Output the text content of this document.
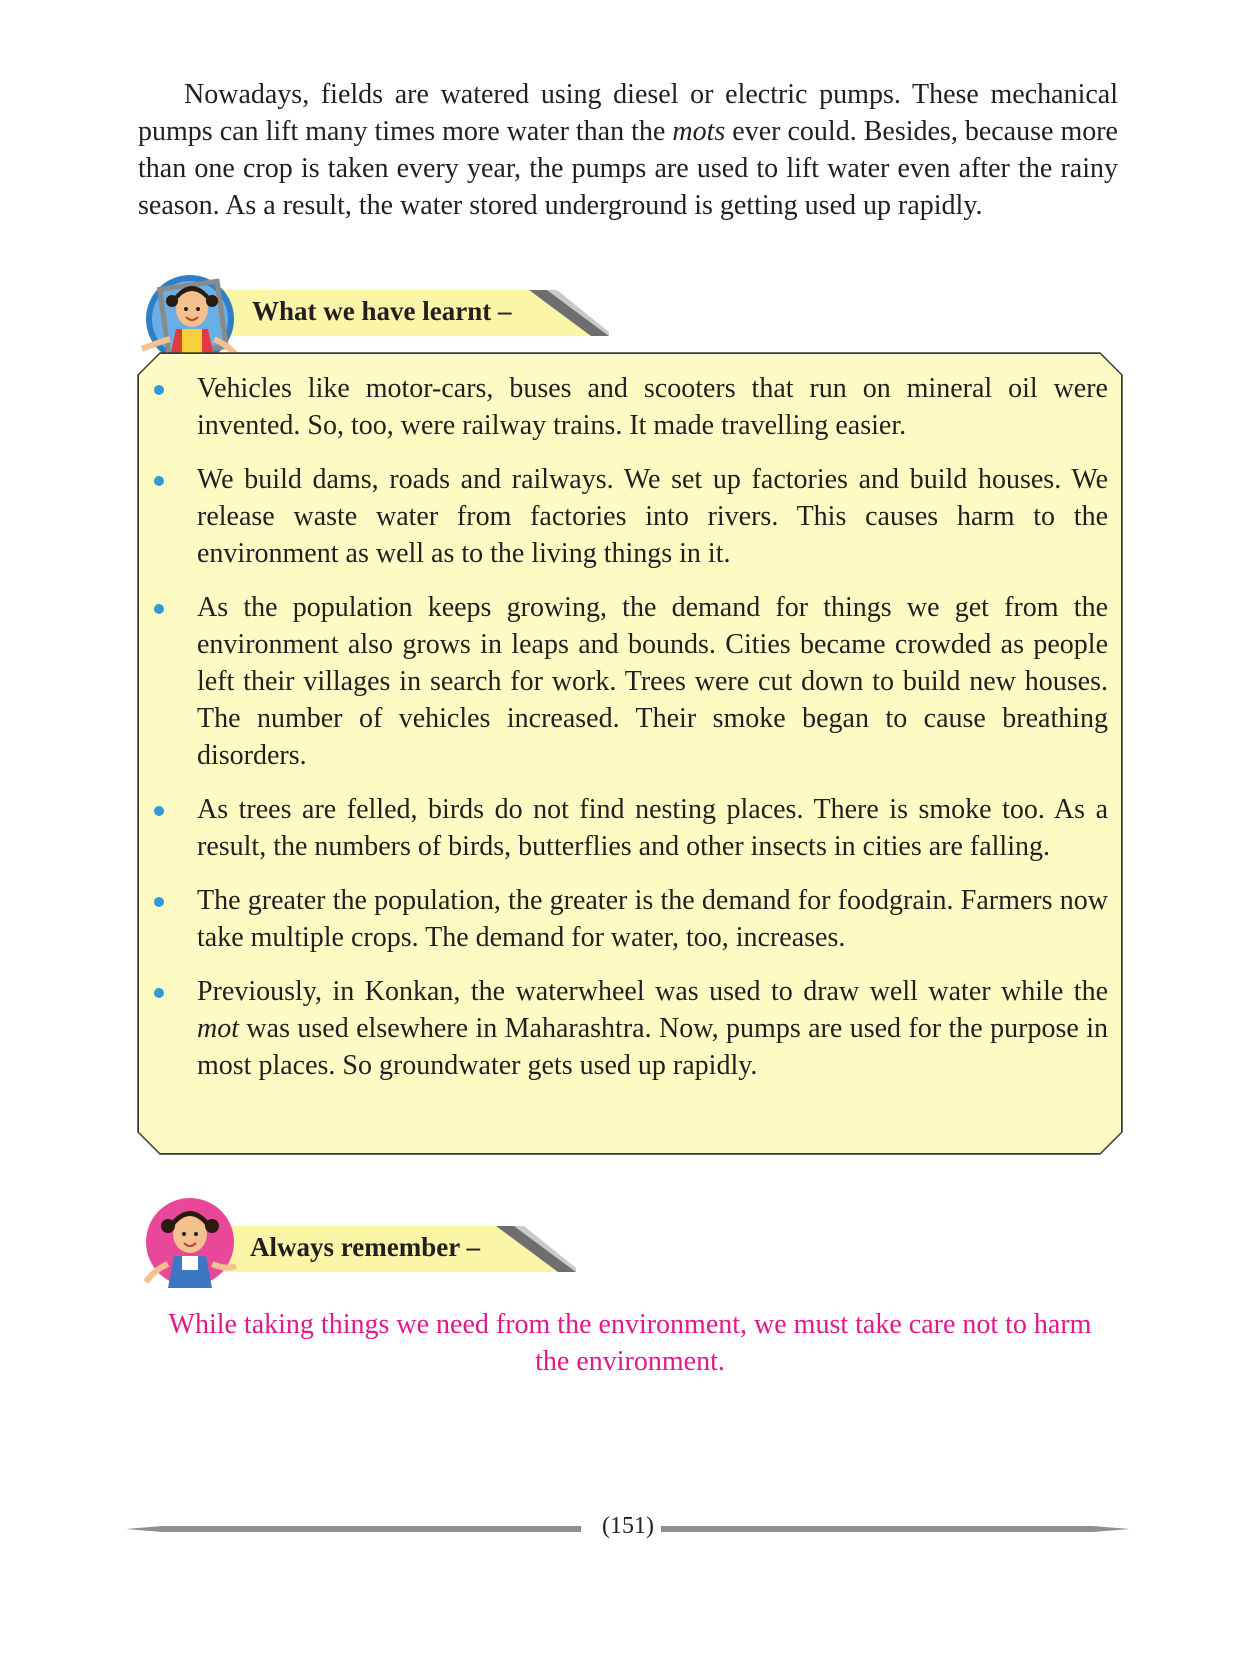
Nowadays, fields are watered using diesel or electric pumps. These mechanical pumps can lift many times more water than the mots ever could. Besides, because more than one crop is taken every year, the pumps are used to lift water even after the rainy season. As a result, the water stored underground is getting used up rapidly.

What we have learnt –
Vehicles like motor-cars, buses and scooters that run on mineral oil were invented. So, too, were railway trains. It made travelling easier.
We build dams, roads and railways. We set up factories and build houses. We release waste water from factories into rivers. This causes harm to the environment as well as to the living things in it.
As the population keeps growing, the demand for things we get from the environment also grows in leaps and bounds. Cities became crowded as people left their villages in search for work. Trees were cut down to build new houses. The number of vehicles increased. Their smoke began to cause breathing disorders.
As trees are felled, birds do not find nesting places. There is smoke too. As a result, the numbers of birds, butterflies and other insects in cities are falling.
The greater the population, the greater is the demand for foodgrain. Farmers now take multiple crops. The demand for water, too, increases.
Previously, in Konkan, the waterwheel was used to draw well water while the mot was used elsewhere in Maharashtra. Now, pumps are used for the purpose in most places. So groundwater gets used up rapidly.
Always remember –
While taking things we need from the environment, we must take care not to harm the environment.
(151)
